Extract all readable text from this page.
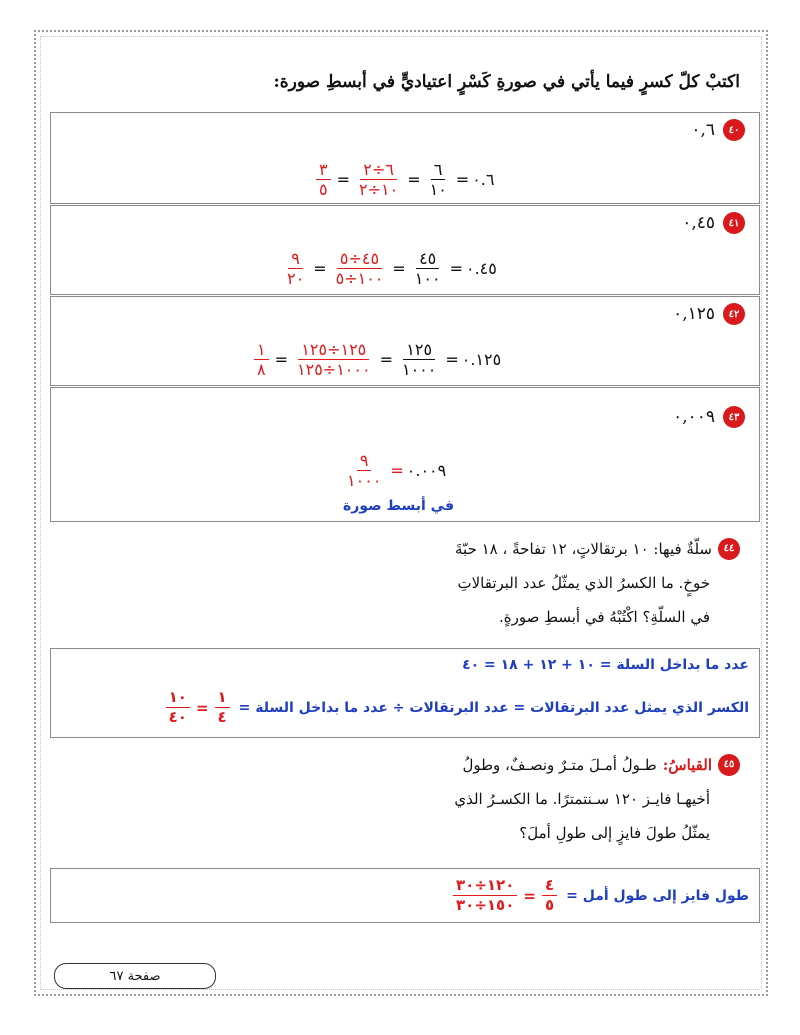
اكتبْ كلّ كسرٍ فيما يأتي في صورةِ كَسْرٍ اعتياديٍّ في أبسطِ صورة:
٤٠
٠,٦
$\frac{٣}{٥} = \frac{٦\div ٢}{١٠\div ٢} = \frac{٦}{١٠}$ = ٠.٦
٤١
٠,٤٥
$\frac{٩}{٢٠} = \frac{٤٥\div ٥}{١٠٠\div ٥} = \frac{٤٥}{١٠٠}$ = ٠.٤٥
٤٢
٠,١٢٥
$\frac{١}{٨} = \frac{١٢٥\div ١٢٥}{١٠٠٠\div ١٢٥} = \frac{١٢٥}{١٠٠٠}$ = ٠.١٢٥
٤٣
٠,٠٠٩
$\frac{٩}{١٠٠٠}$ = ٠.٠٠٩
في أبسط صورة
٤٤
سلّةٌ فيها: ١٠ برتقالاتٍ، ١٢ تفاحةً ، ١٨ حبّةَ
خوخٍ. ما الكسرُ الذي يمثّلُ عدد البرتقالاتِ
في السلّةِ؟ اكْتُبْهُ في أبسطِ صورةٍ.
عدد ما بداخل السلة = ١٠ + ١٢ + ١٨ = ٤٠
الكسر الذي يمثل عدد البرتقالات = عدد البرتقالات ÷ عدد ما بداخل السلة =
$\frac{١٠}{٤٠} = \frac{١}{٤}$
٤٥
القياسُ:
طـولُ أمـلَ متـرٌ ونصـفٌ، وطولُ
أخيهـا فايـز ١٢٠ سـنتمترًا. ما الكسـرُ الذي
يمثّلُ طولَ فايزٍ إلى طولِ أملَ؟
طول فايز إلى طول أمل =
$\frac{١٢٠\div ٣٠}{١٥٠\div ٣٠} = \frac{٤}{٥}$
صفحة ٦٧
